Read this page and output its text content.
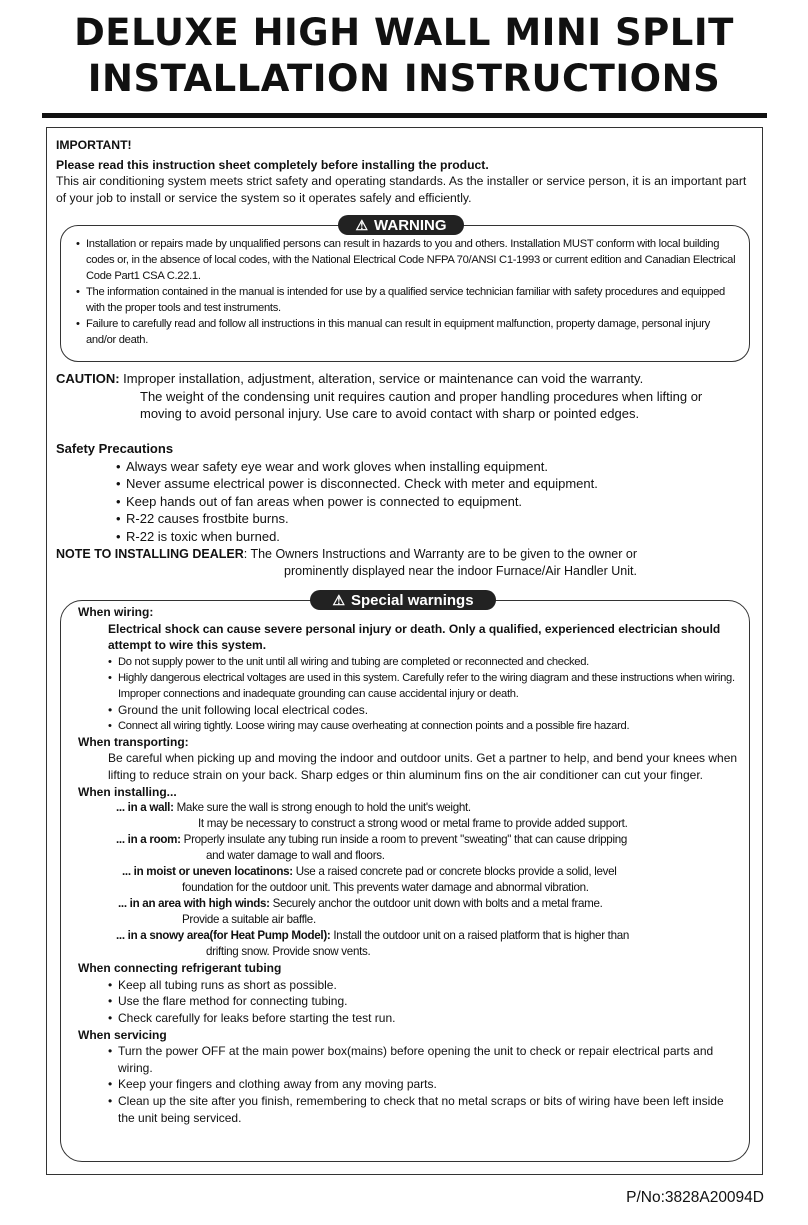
DELUXE HIGH WALL MINI SPLIT
INSTALLATION INSTRUCTIONS

IMPORTANT!

Please read this instruction sheet completely before installing the product.

This air conditioning system meets strict safety and operating standards. As the installer or service person, it is an important part of your job to install or service the system so it operates safely and efficiently.

⚠ WARNING

• Installation or repairs made by unqualified persons can result in hazards to you and others. Installation MUST conform with local building codes or, in the absence of local codes, with the National Electrical Code NFPA 70/ANSI C1-1993 or current edition and Canadian Electrical Code Part1 CSA C.22.1.

• The information contained in the manual is intended for use by a qualified service technician familiar with safety procedures and equipped with the proper tools and test instruments.

• Failure to carefully read and follow all instructions in this manual can result in equipment malfunction, property damage, personal injury and/or death.

CAUTION: Improper installation, adjustment, alteration, service or maintenance can void the warranty.

The weight of the condensing unit requires caution and proper handling procedures when lifting or moving to avoid personal injury. Use care to avoid contact with sharp or pointed edges.

Safety Precautions

• Always wear safety eye wear and work gloves when installing equipment.

• Never assume electrical power is disconnected. Check with meter and equipment.

• Keep hands out of fan areas when power is connected to equipment.

• R-22 causes frostbite burns.

• R-22 is toxic when burned.

NOTE TO INSTALLING DEALER: The Owners Instructions and Warranty are to be given to the owner or

prominently displayed near the indoor Furnace/Air Handler Unit.

⚠ Special warnings

When wiring:

Electrical shock can cause severe personal injury or death. Only a qualified, experienced electrician should attempt to wire this system.

• Do not supply power to the unit until all wiring and tubing are completed or reconnected and checked.

• Highly dangerous electrical voltages are used in this system. Carefully refer to the wiring diagram and these instructions when wiring. Improper connections and inadequate grounding can cause accidental injury or death.

• Ground the unit following local electrical codes.

• Connect all wiring tightly. Loose wiring may cause overheating at connection points and a possible fire hazard.

When transporting:

Be careful when picking up and moving the indoor and outdoor units. Get a partner to help, and bend your knees when lifting to reduce strain on your back. Sharp edges or thin aluminum fins on the air conditioner can cut your finger.

When installing...

... in a wall: Make sure the wall is strong enough to hold the unit's weight.

It may be necessary to construct a strong wood or metal frame to provide added support.

... in a room: Properly insulate any tubing run inside a room to prevent "sweating" that can cause dripping

and water damage to wall and floors.

... in moist or uneven locatinons: Use a raised concrete pad or concrete blocks provide a solid, level

foundation for the outdoor unit. This prevents water damage and abnormal vibration.

... in an area with high winds: Securely anchor the outdoor unit down with bolts and a metal frame.

Provide a suitable air baffle.

... in a snowy area(for Heat Pump Model): Install the outdoor unit on a raised platform that is higher than

drifting snow. Provide snow vents.

When connecting refrigerant tubing

• Keep all tubing runs as short as possible.

• Use the flare method for connecting tubing.

• Check carefully for leaks before starting the test run.

When servicing

• Turn the power OFF at the main power box(mains) before opening the unit to check or repair electrical parts and wiring.

• Keep your fingers and clothing away from any moving parts.

• Clean up the site after you finish, remembering to check that no metal scraps or bits of wiring have been left inside the unit being serviced.

P/No:3828A20094D
